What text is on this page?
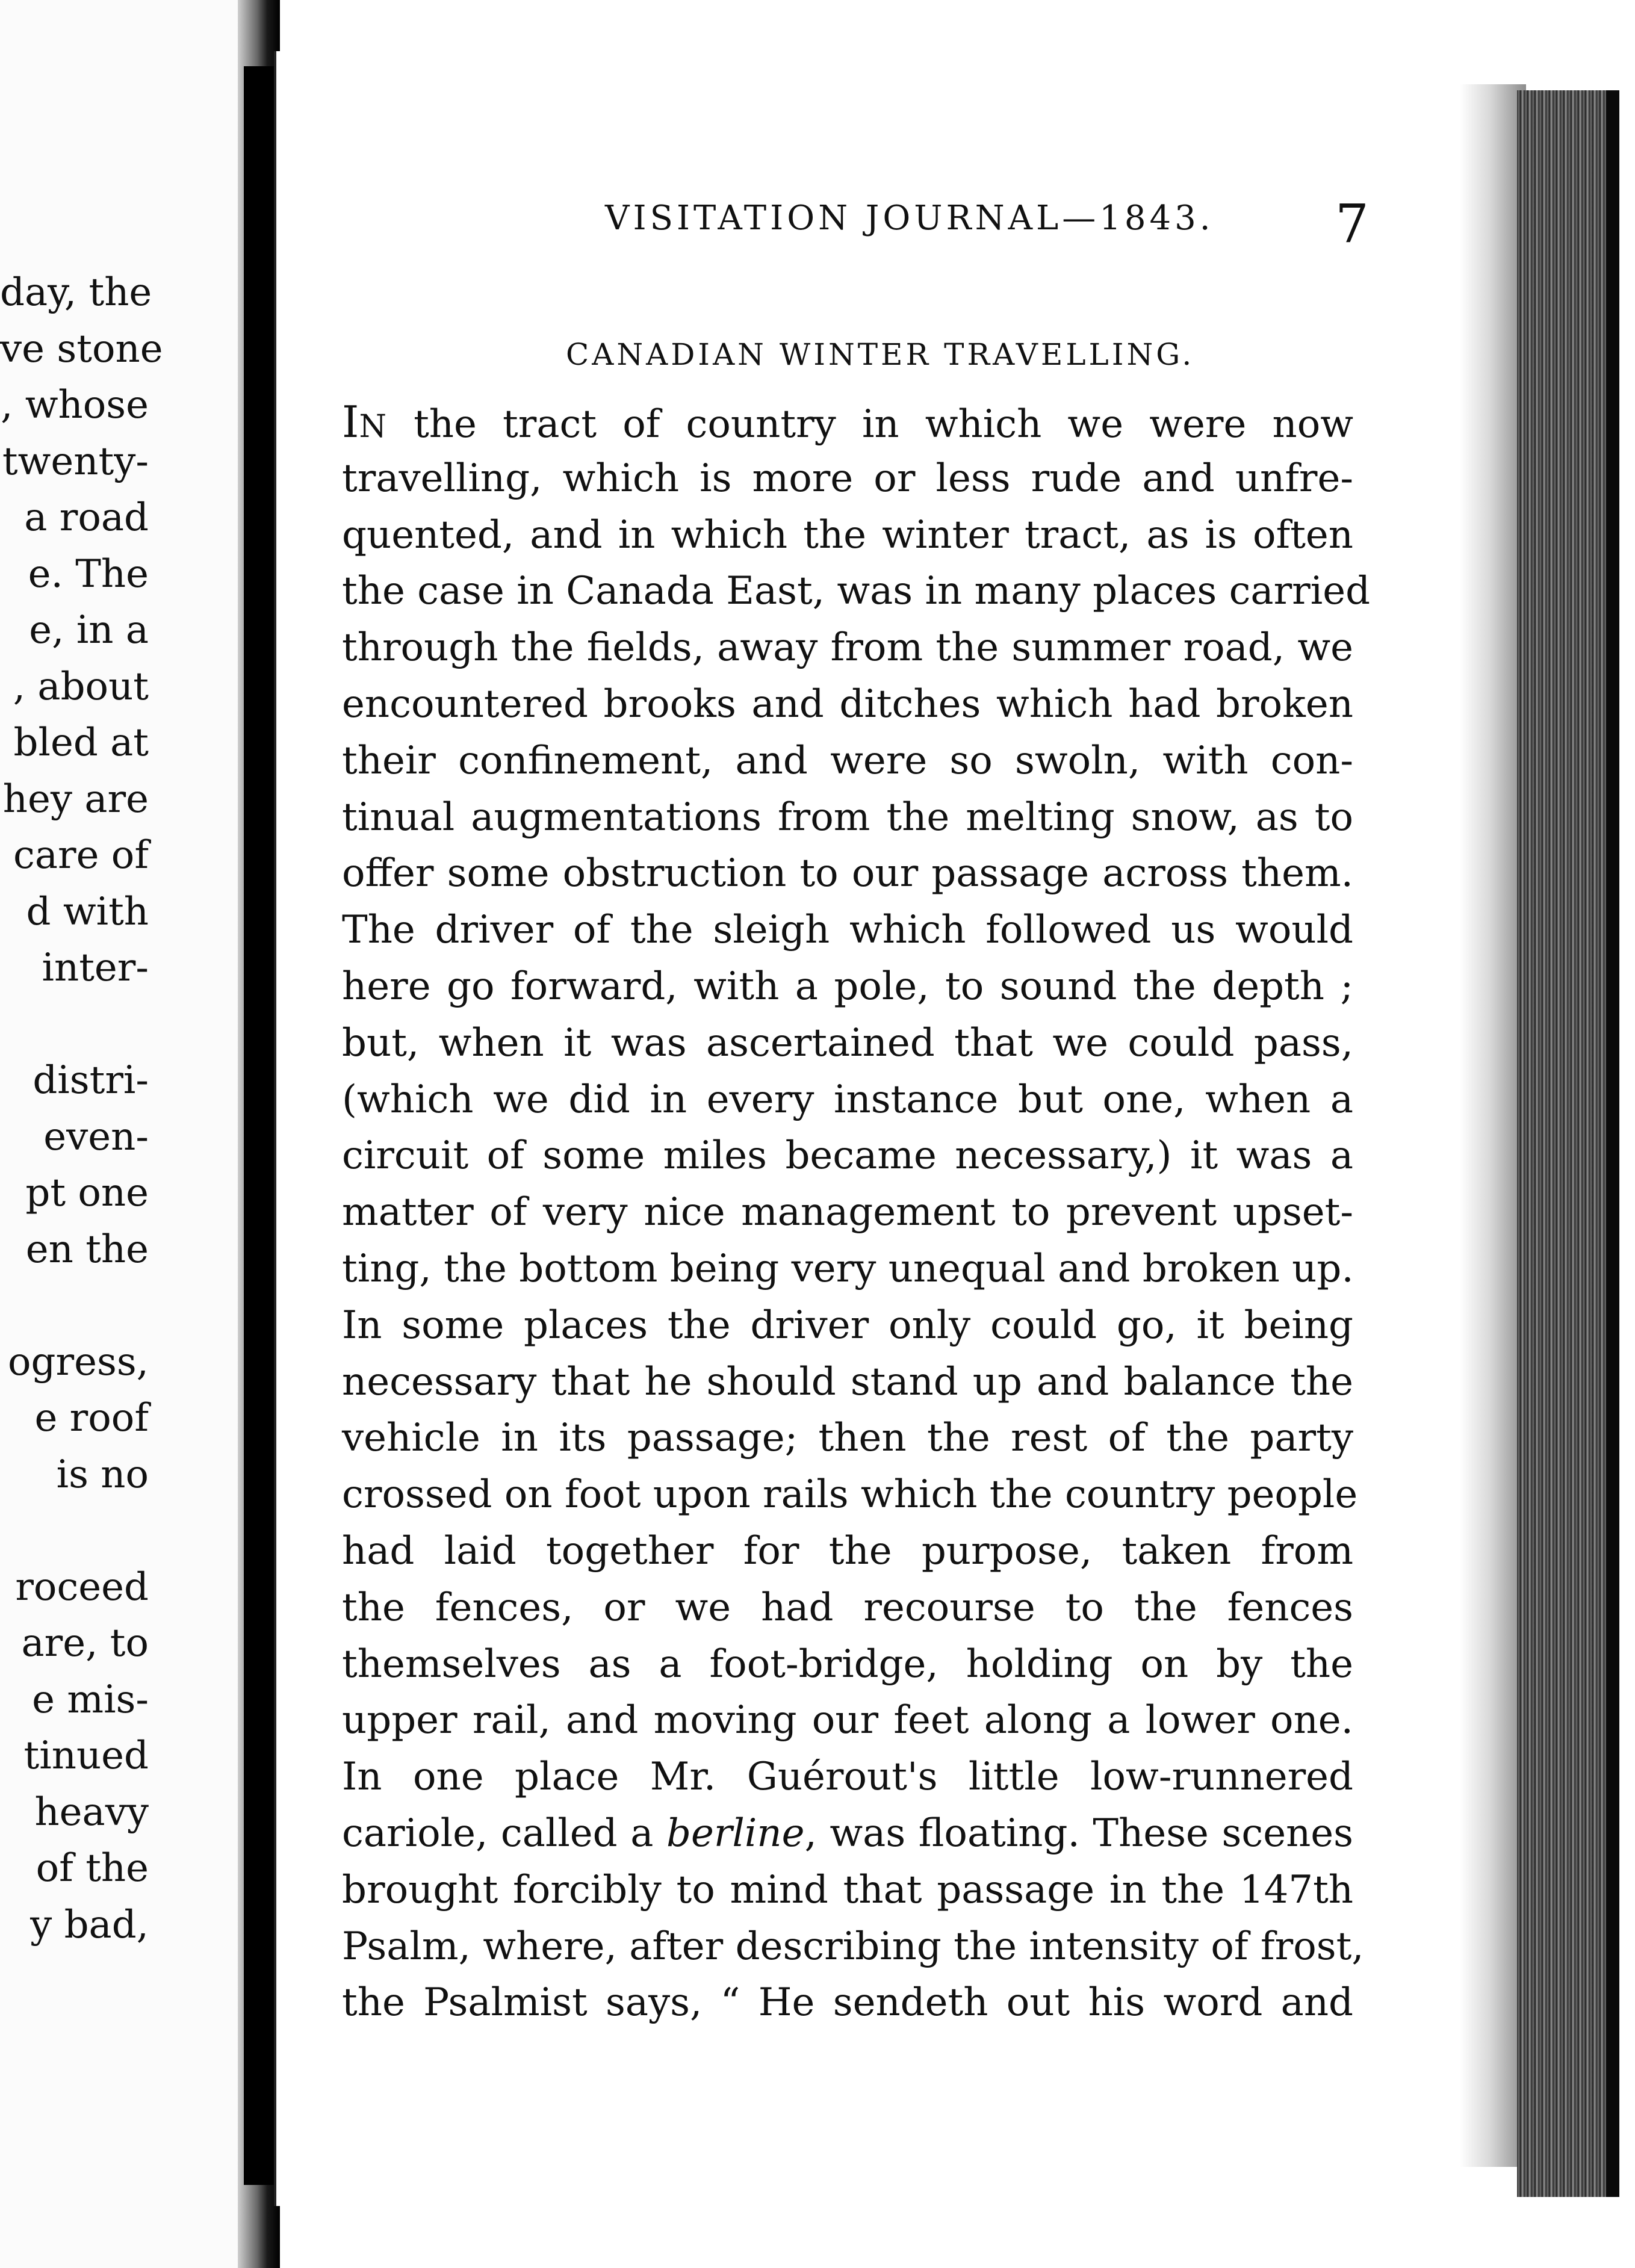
day, the
ve stone
, whose
twenty-
a road
e. The
e, in a
, about
bled at
hey are
care of
d with
inter-
distri-
even-
pt one
en the
ogress,
e roof
is no
roceed
are, to
e mis-
tinued
heavy
of the
y bad,
VISITATION JOURNAL—1843.	7
CANADIAN WINTER TRAVELLING.
IN the tract of country in which we were now
travelling, which is more or less rude and unfre-
quented, and in which the winter tract, as is often
the case in Canada East, was in many places carried
through the fields, away from the summer road, we
encountered brooks and ditches which had broken
their confinement, and were so swoln, with con-
tinual augmentations from the melting snow, as to
offer some obstruction to our passage across them.
The driver of the sleigh which followed us would
here go forward, with a pole, to sound the depth ;
but, when it was ascertained that we could pass,
(which we did in every instance but one, when a
circuit of some miles became necessary,) it was a
matter of very nice management to prevent upset-
ting, the bottom being very unequal and broken up.
In some places the driver only could go, it being
necessary that he should stand up and balance the
vehicle in its passage; then the rest of the party
crossed on foot upon rails which the country people
had laid together for the purpose, taken from
the fences, or we had recourse to the fences
themselves as a foot-bridge, holding on by the
upper rail, and moving our feet along a lower one.
In one place Mr. Guérout's little low-runnered
cariole, called a berline, was floating. These scenes
brought forcibly to mind that passage in the 147th
Psalm, where, after describing the intensity of frost,
the Psalmist says, “ He sendeth out his word and
